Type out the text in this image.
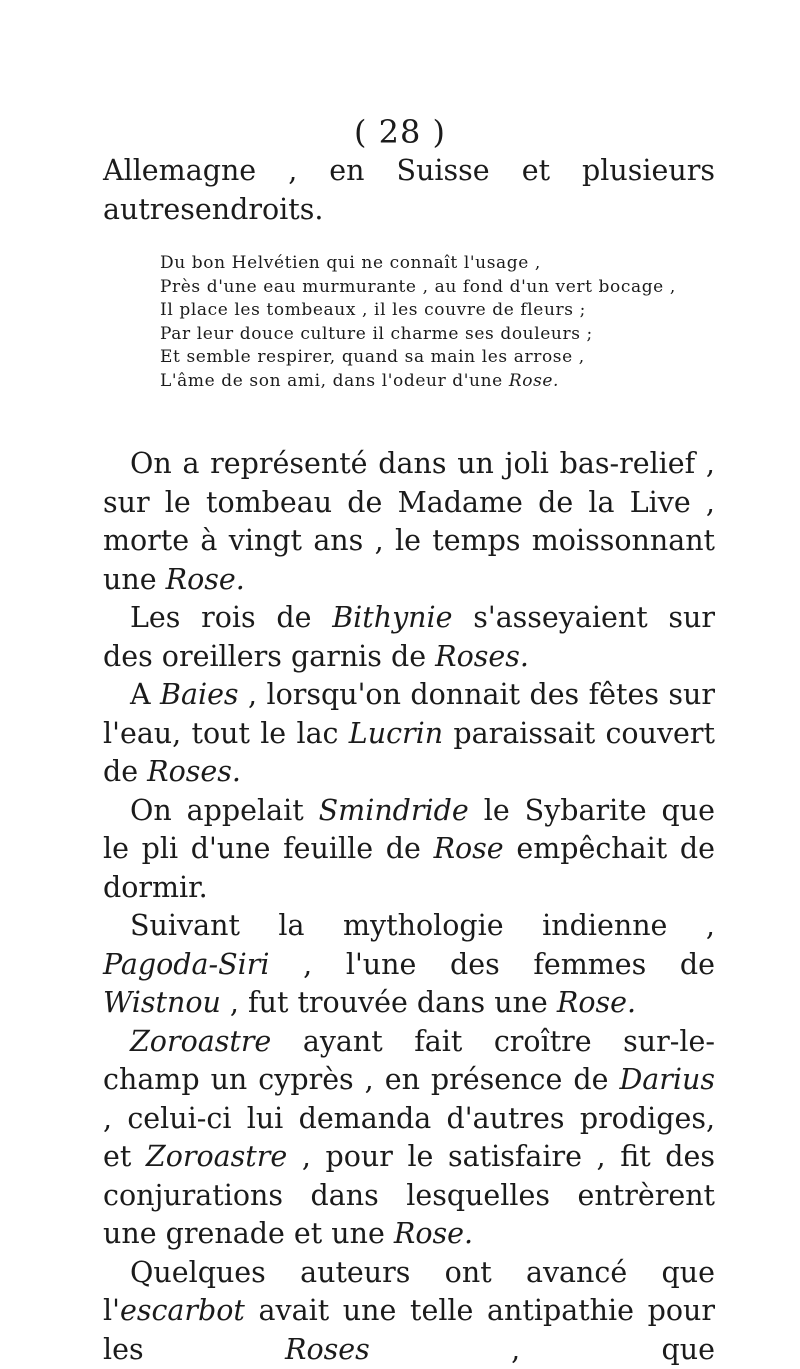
( 28 )

Allemagne , en Suisse et plusieurs autresendroits.

Du bon Helvétien qui ne connaît l'usage ,
Près d'une eau murmurante , au fond d'un vert bocage ,
Il place les tombeaux , il les couvre de fleurs ;
Par leur douce culture il charme ses douleurs ;
Et semble respirer, quand sa main les arrose ,
L'âme de son ami, dans l'odeur d'une Rose.

On a représenté dans un joli bas-relief , sur le tombeau de Madame de la Live , morte à vingt ans , le temps moissonnant une Rose.

Les rois de Bithynie s'asseyaient sur des oreillers garnis de Roses.

A Baies , lorsqu'on donnait des fêtes sur l'eau, tout le lac Lucrin paraissait couvert de Roses.

On appelait Smindride le Sybarite que le pli d'une feuille de Rose empêchait de dormir.

Suivant la mythologie indienne , Pagoda-Siri , l'une des femmes de Wistnou , fut trouvée dans une Rose.

Zoroastre ayant fait croître sur-le-champ un cyprès , en présence de Darius , celui-ci lui demanda d'autres prodiges, et Zoroastre , pour le satisfaire , fit des conjurations dans lesquelles entrèrent une grenade et une Rose.

Quelques auteurs ont avancé que l'escarbot avait une telle antipathie pour les Roses , que
